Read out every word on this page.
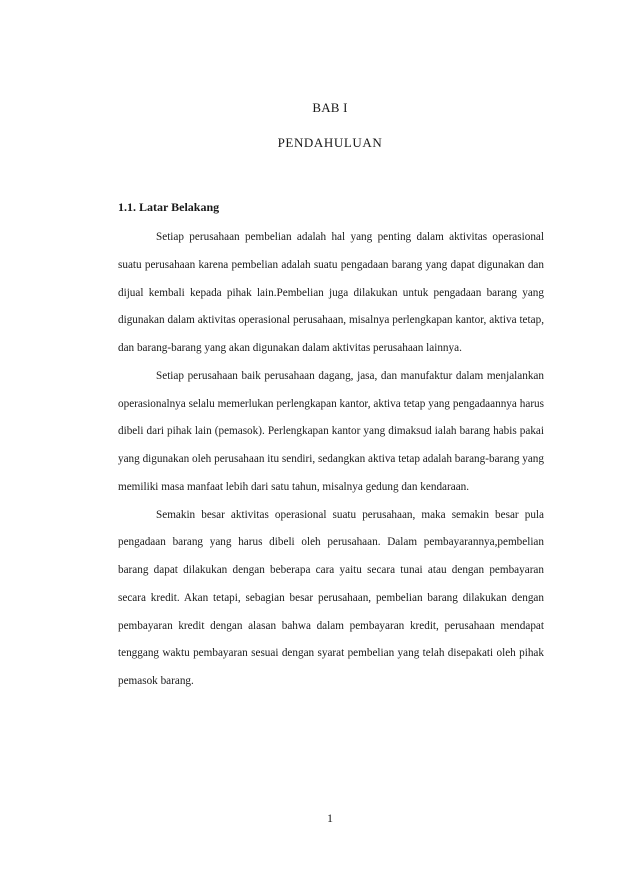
BAB I
PENDAHULUAN
1.1. Latar Belakang

Setiap perusahaan pembelian adalah hal yang penting dalam aktivitas operasional suatu perusahaan karena pembelian adalah suatu pengadaan barang yang dapat digunakan dan dijual kembali kepada pihak lain.Pembelian juga dilakukan untuk pengadaan barang yang digunakan dalam aktivitas operasional perusahaan, misalnya perlengkapan kantor, aktiva tetap, dan barang-barang yang akan digunakan dalam aktivitas perusahaan lainnya.

Setiap perusahaan baik perusahaan dagang, jasa, dan manufaktur dalam menjalankan operasionalnya selalu memerlukan perlengkapan kantor, aktiva tetap yang pengadaannya harus dibeli dari pihak lain (pemasok). Perlengkapan kantor yang dimaksud ialah barang habis pakai yang digunakan oleh perusahaan itu sendiri, sedangkan aktiva tetap adalah barang-barang yang memiliki masa manfaat lebih dari satu tahun, misalnya gedung dan kendaraan.

Semakin besar aktivitas operasional suatu perusahaan, maka semakin besar pula pengadaan barang yang harus dibeli oleh perusahaan. Dalam pembayarannya,pembelian barang dapat dilakukan dengan beberapa cara yaitu secara tunai atau dengan pembayaran secara kredit. Akan tetapi, sebagian besar perusahaan, pembelian barang dilakukan dengan pembayaran kredit dengan alasan bahwa dalam pembayaran kredit, perusahaan mendapat tenggang waktu pembayaran sesuai dengan syarat pembelian yang telah disepakati oleh pihak pemasok barang.

1
